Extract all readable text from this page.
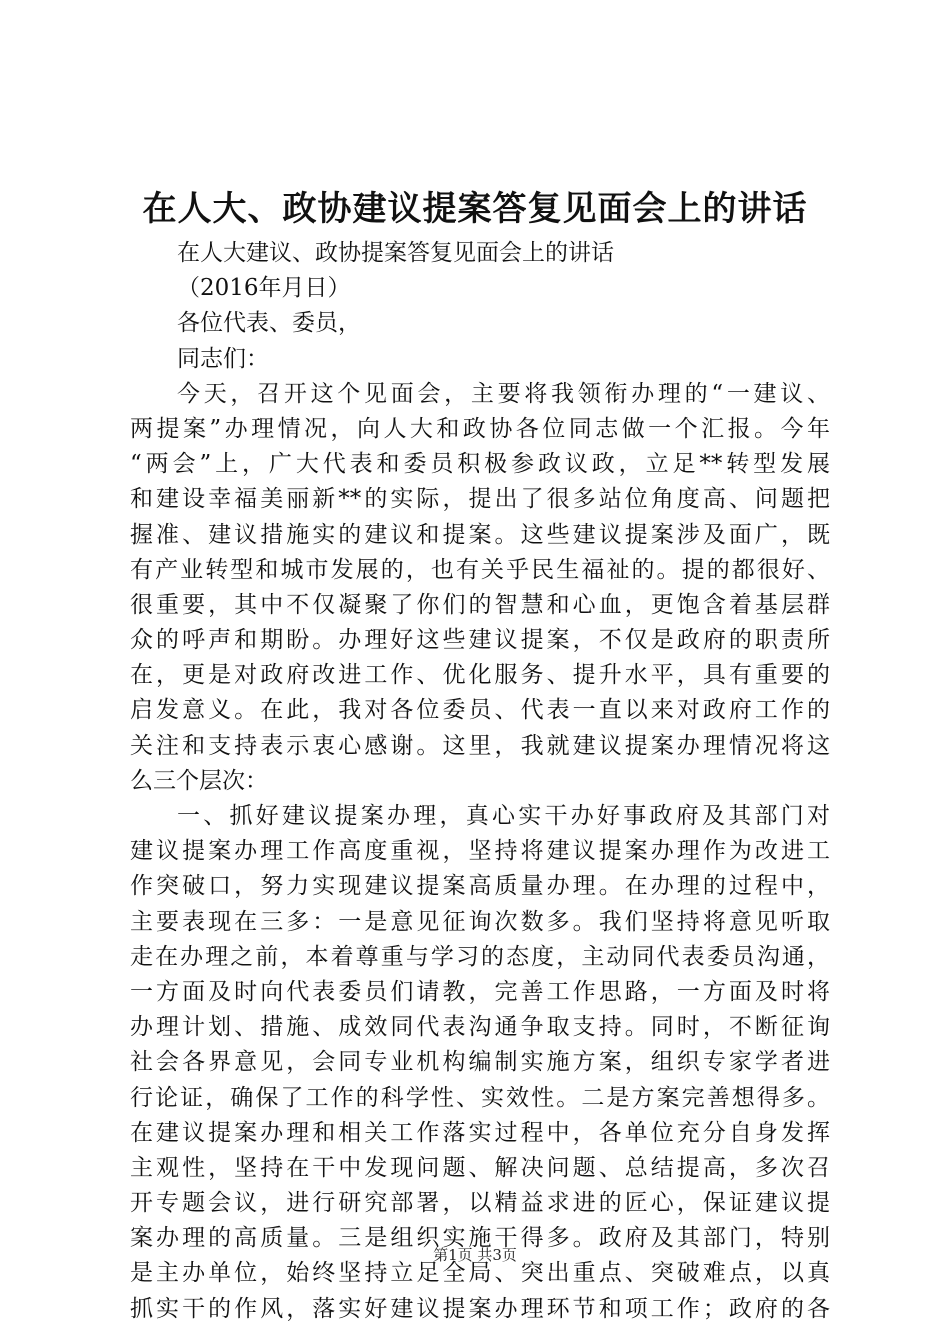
在人大、政协建议提案答复见面会上的讲话
在人大建议、政协提案答复见面会上的讲话
（2016年月日）
各位代表、委员，
同志们：
今天，召开这个见面会，主要将我领衔办理的“一建议、
两提案”办理情况，向人大和政协各位同志做一个汇报。今年
“两会”上，广大代表和委员积极参政议政，立足**转型发展
和建设幸福美丽新**的实际，提出了很多站位角度高、问题把
握准、建议措施实的建议和提案。这些建议提案涉及面广，既
有产业转型和城市发展的，也有关乎民生福祉的。提的都很好、
很重要，其中不仅凝聚了你们的智慧和心血，更饱含着基层群
众的呼声和期盼。办理好这些建议提案，不仅是政府的职责所
在，更是对政府改进工作、优化服务、提升水平，具有重要的
启发意义。在此，我对各位委员、代表一直以来对政府工作的
关注和支持表示衷心感谢。这里，我就建议提案办理情况将这
么三个层次：
一、抓好建议提案办理，真心实干办好事政府及其部门对
建议提案办理工作高度重视，坚持将建议提案办理作为改进工
作突破口，努力实现建议提案高质量办理。在办理的过程中，
主要表现在三多：一是意见征询次数多。我们坚持将意见听取
走在办理之前，本着尊重与学习的态度，主动同代表委员沟通，
一方面及时向代表委员们请教，完善工作思路，一方面及时将
办理计划、措施、成效同代表沟通争取支持。同时，不断征询
社会各界意见，会同专业机构编制实施方案，组织专家学者进
行论证，确保了工作的科学性、实效性。二是方案完善想得多。
在建议提案办理和相关工作落实过程中，各单位充分自身发挥
主观性，坚持在干中发现问题、解决问题、总结提高，多次召
开专题会议，进行研究部署，以精益求进的匠心，保证建议提
案办理的高质量。三是组织实施干得多。政府及其部门，特别
是主办单位，始终坚持立足全局、突出重点、突破难点，以真
抓实干的作风，落实好建议提案办理环节和项工作；政府的各
第1页 共3页
